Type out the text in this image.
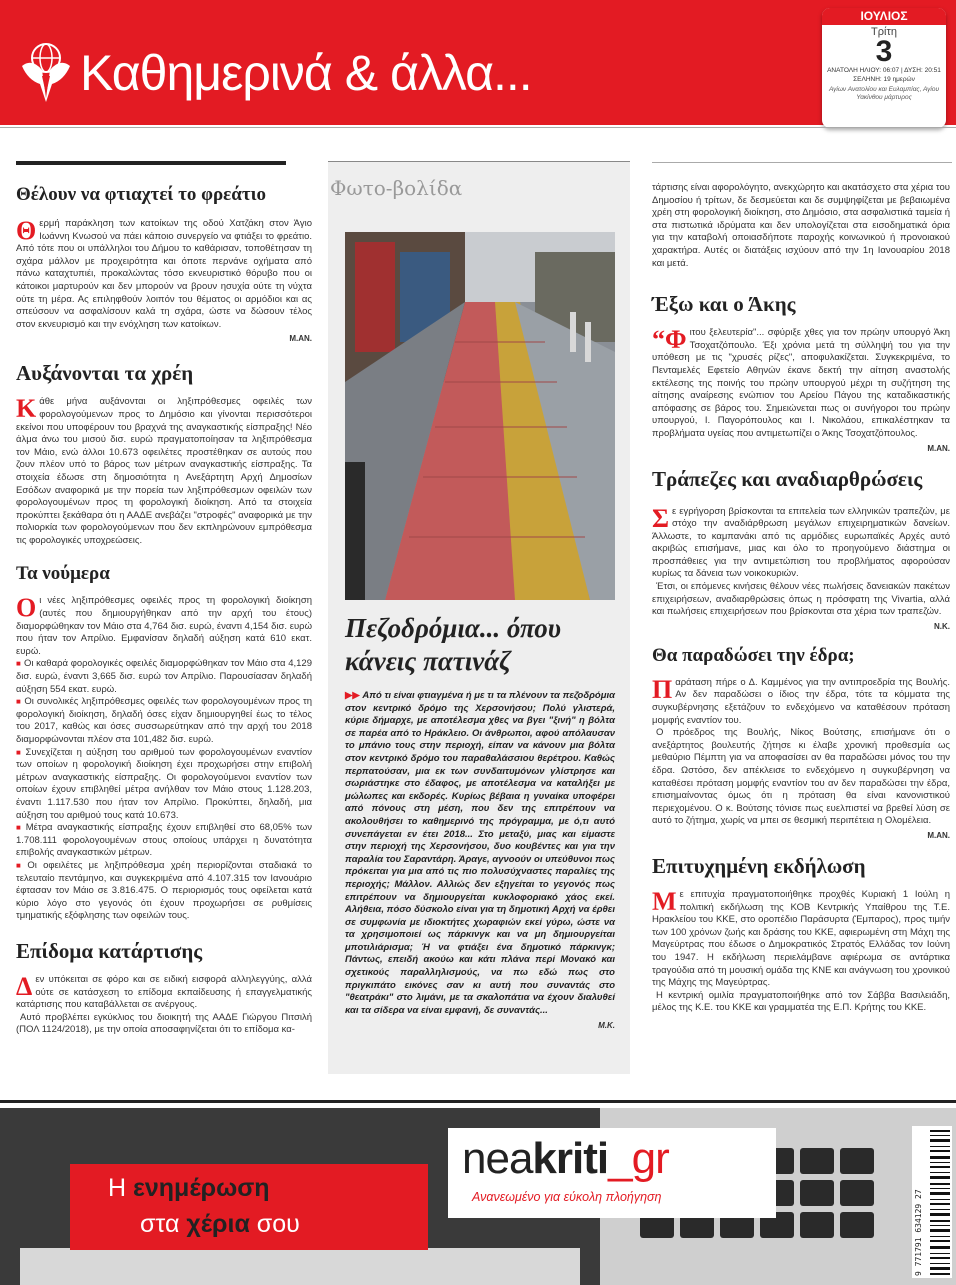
Καθημερινά & άλλα...
ΙΟΥΛΙΟΣ
Τρίτη
3
ΑΝΑΤΟΛΗ ΗΛΙΟΥ: 06:07 | ΔΥΣΗ: 20:51
ΣΕΛΗΝΗ: 19 ημερών
Αγίων Ανατολίου και Ευλαμπίας, Αγίου Υακίνθου μάρτυρος
Θέλουν να φτιαχτεί το φρεάτιο

Θερμή παράκληση των κατοίκων της οδού Χατζάκη στον Άγιο Ιωάννη Κνωσού να πάει κάποιο συνεργείο να φτιάξει το φρεάτιο. Από τότε που οι υπάλληλοι του Δήμου το καθάρισαν, τοποθέτησαν τη σχάρα μάλλον με προχειρότητα και όποτε περνάνε οχήματα από πάνω καταχτυπιέι, προκαλώντας τόσο εκνευριστικό θόρυβο που οι κάτοικοι μαρτυρούν και δεν μπορούν να βρουν ησυχία ούτε τη νύχτα ούτε τη μέρα. Ας επιληφθούν λοιπόν του θέματος οι αρμόδιοι και ας σπεύσουν να ασφαλίσουν καλά τη σχάρα, ώστε να δώσουν τέλος στον εκνευρισμό και την ενόχληση των κατοίκων.

Μ.ΑΝ.
Αυξάνονται τα χρέη

Κάθε μήνα αυξάνονται οι ληξιπρόθεσμες οφειλές των φορολογούμενων προς το Δημόσιο και γίνονται περισσότεροι εκείνοι που υποφέρουν του βραχνά της αναγκαστικής είσπραξης! Νέο άλμα άνω του μισού δισ. ευρώ πραγματοποίησαν τα ληξιπρόθεσμα τον Μάιο, ενώ άλλοι 10.673 οφειλέτες προστέθηκαν σε αυτούς που ζουν πλέον υπό το βάρος των μέτρων αναγκαστικής είσπραξης. Τα στοιχεία έδωσε στη δημοσιότητα η Ανεξάρτητη Αρχή Δημοσίων Εσόδων αναφορικά με την πορεία των ληξιπρόθεσμων οφειλών των φορολογουμένων προς τη φορολογική διοίκηση. Από τα στοιχεία προκύπτει ξεκάθαρα ότι η ΑΑΔΕ ανεβάζει "στροφές" αναφορικά με την πολιορκία των φορολογούμενων που δεν εκπληρώνουν εμπρόθεσμα τις φορολογικές υποχρεώσεις.

Τα νούμερα

Οι νέες ληξιπρόθεσμες οφειλές προς τη φορολογική διοίκηση (αυτές που δημιουργήθηκαν από την αρχή του έτους) διαμορφώθηκαν τον Μάιο στα 4,764 δισ. ευρώ, έναντι 4,154 δισ. ευρώ που ήταν τον Απρίλιο. Εμφανίσαν δηλαδή αύξηση κατά 610 εκατ. ευρώ.

■ Οι καθαρά φορολογικές οφειλές διαμορφώθηκαν τον Μάιο στα 4,129 δισ. ευρώ, έναντι 3,665 δισ. ευρώ τον Απρίλιο. Παρουσίασαν δηλαδή αύξηση 554 εκατ. ευρώ.

■ Οι συνολικές ληξιπρόθεσμες οφειλές των φορολογουμένων προς τη φορολογική διοίκηση, δηλαδή όσες είχαν δημιουργηθεί έως το τέλος του 2017, καθώς και όσες συσσωρεύτηκαν από την αρχή του 2018 διαμορφώνονται πλέον στα 101,482 δισ. ευρώ.

■ Συνεχίζεται η αύξηση του αριθμού των φορολογουμένων εναντίον των οποίων η φορολογική διοίκηση έχει προχωρήσει στην επιβολή μέτρων αναγκαστικής είσπραξης. Οι φορολογούμενοι εναντίον των οποίων έχουν επιβληθεί μέτρα ανήλθαν τον Μάιο στους 1.128.203, έναντι 1.117.530 που ήταν τον Απρίλιο. Προκύπτει, δηλαδή, μια αύξηση του αριθμού τους κατά 10.673.

■ Μέτρα αναγκαστικής είσπραξης έχουν επιβληθεί στο 68,05% των 1.708.111 φορολογουμένων στους οποίους υπάρχει η δυνατότητα επιβολής αναγκαστικών μέτρων.

■ Οι οφειλέτες με ληξιπρόθεσμα χρέη περιορίζονται σταδιακά το τελευταίο πεντάμηνο, και συγκεκριμένα από 4.107.315 τον Ιανουάριο έφτασαν τον Μάιο σε 3.816.475. Ο περιορισμός τους οφείλεται κατά κύριο λόγο στο γεγονός ότι έχουν προχωρήσει σε ρυθμίσεις τμηματικής εξόφλησης των οφειλών τους.

Επίδομα κατάρτισης

Δεν υπόκειται σε φόρο και σε ειδική εισφορά αλληλεγγύης, αλλά ούτε σε κατάσχεση το επίδομα εκπαίδευσης ή επαγγελματικής κατάρτισης που καταβάλλεται σε ανέργους.

Αυτό προβλέπει εγκύκλιος του διοικητή της ΑΑΔΕ Γιώργου Πιτσιλή (ΠΟΛ 1124/2018), με την οποία αποσαφηνίζεται ότι το επίδομα κα-

Φωτο-βολίδα
Πεζοδρόμια... όπου κάνεις πατινάζ
▶▶ Από τι είναι φτιαγμένα ή με τι τα πλένουν τα πεζοδρόμια στον κεντρικό δρόμο της Χερσονήσου; Πολύ γλιστερά, κύριε δήμαρχε, με αποτέλεσμα χθες να βγει "ξινή" η βόλτα σε παρέα από το Ηράκλειο. Οι άνθρωποι, αφού απόλαυσαν το μπάνιο τους στην περιοχή, είπαν να κάνουν μια βόλτα στον κεντρικό δρόμο του παραθαλάσσιου θερέτρου. Καθώς περπατούσαν, μια εκ των συνδαιτυμόνων γλίστρησε και σωριάστηκε στο έδαφος, με αποτέλεσμα να καταλήξει με μώλωπες και εκδορές. Κυρίως βέβαια η γυναίκα υποφέρει από πόνους στη μέση, που δεν της επιτρέπουν να ακολουθήσει το καθημερινό της πρόγραμμα, με ό,τι αυτό συνεπάγεται εν έτει 2018... Στο μεταξύ, μιας και είμαστε στην περιοχή της Χερσονήσου, δυο κουβέντες και για την παραλία του Σαραντάρη. Άραγε, αγνοούν οι υπεύθυνοι πως πρόκειται για μια από τις πιο πολυσύχναστες παραλίες της περιοχής; Μάλλον. Αλλιώς δεν εξηγείται το γεγονός πως επιτρέπουν να δημιουργείται κυκλοφοριακό χάος εκεί. Αλήθεια, πόσο δύσκολο είναι για τη δημοτική Αρχή να έρθει σε συμφωνία με ιδιοκτήτες χωραφιών εκεί γύρω, ώστε να τα χρησιμοποιεί ως πάρκινγκ και να μη δημιουργείται μποτιλιάρισμα; Ή να φτιάξει ένα δημοτικό πάρκινγκ; Πάντως, επειδή ακούω και κάτι πλάνα περί Μονακό και σχετικούς παραλληλισμούς, να πω εδώ πως στο πριγκιπάτο εικόνες σαν κι αυτή που συναντάς στο "θεατράκι" στο λιμάνι, με τα σκαλοπάτια να έχουν διαλυθεί και τα σίδερα να είναι εμφανή, δε συναντάς...
Μ.Κ.

τάρτισης είναι αφορολόγητο, ανεκχώρητο και ακατάσχετο στα χέρια του Δημοσίου ή τρίτων, δε δεσμεύεται και δε συμψηφίζεται με βεβαιωμένα χρέη στη φορολογική διοίκηση, στο Δημόσιο, στα ασφαλιστικά ταμεία ή στα πιστωτικά ιδρύματα και δεν υπολογίζεται στα εισοδηματικά όρια για την καταβολή οποιασδήποτε παροχής κοινωνικού ή προνοιακού χαρακτήρα. Αυτές οι διατάξεις ισχύουν από την 1η Ιανουαρίου 2018 και μετά.

Έξω και ο Άκης

“Φιτου ξελευτερία"... σφύριξε χθες για τον πρώην υπουργό Άκη Τσοχατζόπουλο. Έξι χρόνια μετά τη σύλληψή του για την υπόθεση με τις "χρυσές ρίζες", αποφυλακίζεται. Συγκεκριμένα, το Πενταμελές Εφετείο Αθηνών έκανε δεκτή την αίτηση αναστολής εκτέλεσης της ποινής του πρώην υπουργού μέχρι τη συζήτηση της αίτησης αναίρεσης ενώπιον του Αρείου Πάγου της καταδικαστικής απόφασης σε βάρος του. Σημειώνεται πως οι συνήγοροι του πρώην υπουργού, Ι. Παγορόπουλος και Ι. Νικολάου, επικαλέστηκαν τα προβλήματα υγείας που αντιμετωπίζει ο Άκης Τσοχατζόπουλος.

Μ.ΑΝ.
Τράπεζες και αναδιαρθρώσεις

Σε εγρήγορση βρίσκονται τα επιτελεία των ελληνικών τραπεζών, με στόχο την αναδιάρθρωση μεγάλων επιχειρηματικών δανείων. Άλλωστε, το καμπανάκι από τις αρμόδιες ευρωπαϊκές Αρχές αυτό ακριβώς επισήμανε, μιας και όλο το προηγούμενο διάστημα οι προσπάθειες για την αντιμετώπιση του προβλήματος αφορούσαν κυρίως τα δάνεια των νοικοκυριών.

Έτσι, οι επόμενες κινήσεις θέλουν νέες πωλήσεις δανειακών πακέτων επιχειρήσεων, αναδιαρθρώσεις όπως η πρόσφατη της Vivartia, αλλά και πωλήσεις επιχειρήσεων που βρίσκονται στα χέρια των τραπεζών.

Ν.Κ.
Θα παραδώσει την έδρα;

Παράταση πήρε ο Δ. Καμμένος για την αντιπροεδρία της Βουλής. Αν δεν παραδώσει ο ίδιος την έδρα, τότε τα κόμματα της συγκυβέρνησης εξετάζουν το ενδεχόμενο να καταθέσουν πρόταση μομφής εναντίον του.

Ο πρόεδρος της Βουλής, Νίκος Βούτσης, επισήμανε ότι ο ανεξάρτητος βουλευτής ζήτησε κι έλαβε χρονική προθεσμία ως μεθαύριο Πέμπτη για να αποφασίσει αν θα παραδώσει μόνος του την έδρα. Ωστόσο, δεν απέκλεισε το ενδεχόμενο η συγκυβέρνηση να καταθέσει πρόταση μομφής εναντίον του αν δεν παραδώσει την έδρα, επισημαίνοντας όμως ότι η πρόταση θα είναι κανονιστικού περιεχομένου. Ο κ. Βούτσης τόνισε πως ευελπιστεί να βρεθεί λύση σε αυτό το ζήτημα, χωρίς να μπει σε θεσμική περιπέτεια η Ολομέλεια.

Μ.ΑΝ.
Επιτυχημένη εκδήλωση

Με επιτυχία πραγματοποιήθηκε προχθές Κυριακή 1 Ιούλη η πολιτική εκδήλωση της ΚΟΒ Κεντρικής Υπαίθρου της Τ.Ε. Ηρακλείου του ΚΚΕ, στο οροπέδιο Παράσυρτα (Έμπαρος), προς τιμήν των 100 χρόνων ζωής και δράσης του ΚΚΕ, αφιερωμένη στη Μάχη της Μαγεύρτρας που έδωσε ο Δημοκρατικός Στρατός Ελλάδας τον Ιούνη του 1947. Η εκδήλωση περιελάμβανε αφιέρωμα σε αντάρτικα τραγούδια από τη μουσική ομάδα της ΚΝΕ και ανάγνωση του χρονικού της Μάχης της Μαγεύρτρας.

Η κεντρική ομιλία πραγματοποιήθηκε από τον Σάββα Βασιλειάδη, μέλος της Κ.Ε. του ΚΚΕ και γραμματέα της Ε.Π. Κρήτης του ΚΚΕ.

Η ενημέρωση
στα χέρια σου
neakriti_gr
Ανανεωμένο για εύκολη πλοήγηση	9 771791 634129 27
